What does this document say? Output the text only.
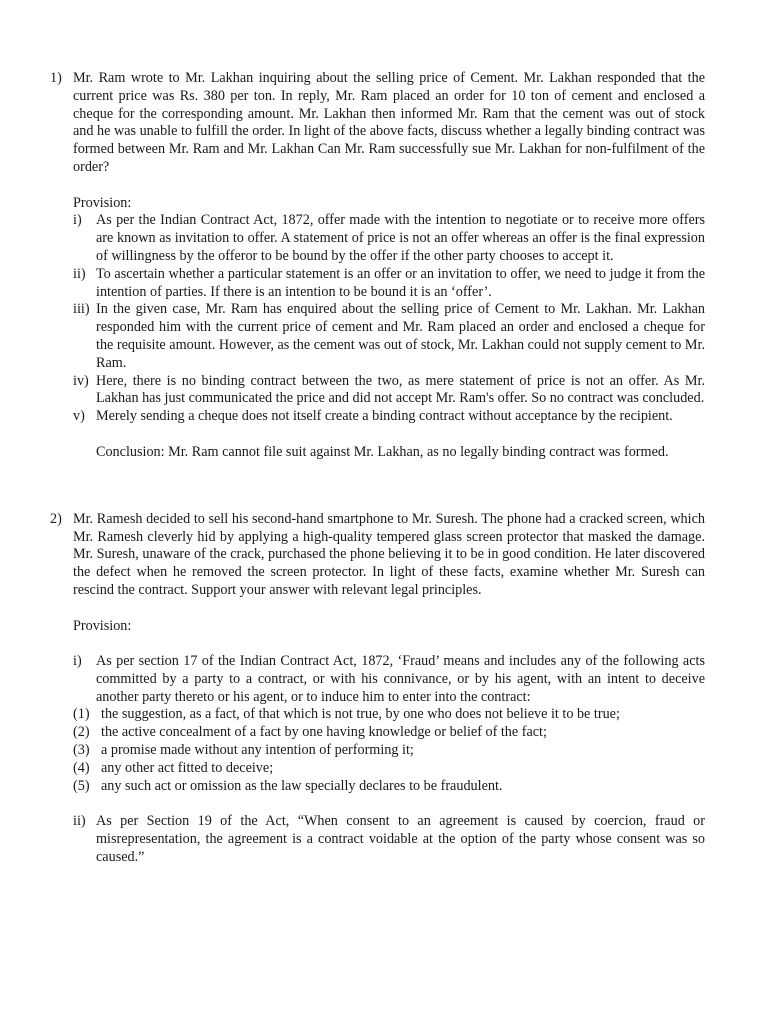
1) Mr. Ram wrote to Mr. Lakhan inquiring about the selling price of Cement. Mr. Lakhan responded that the current price was Rs. 380 per ton. In reply, Mr. Ram placed an order for 10 ton of cement and enclosed a cheque for the corresponding amount. Mr. Lakhan then informed Mr. Ram that the cement was out of stock and he was unable to fulfill the order. In light of the above facts, discuss whether a legally binding contract was formed between Mr. Ram and Mr. Lakhan Can Mr. Ram successfully sue Mr. Lakhan for non-fulfilment of the order?

Provision:

i) As per the Indian Contract Act, 1872, offer made with the intention to negotiate or to receive more offers are known as invitation to offer. A statement of price is not an offer whereas an offer is the final expression of willingness by the offeror to be bound by the offer if the other party chooses to accept it.
ii) To ascertain whether a particular statement is an offer or an invitation to offer, we need to judge it from the intention of parties. If there is an intention to be bound it is an ‘offer’.
iii) In the given case, Mr. Ram has enquired about the selling price of Cement to Mr. Lakhan. Mr. Lakhan responded him with the current price of cement and Mr. Ram placed an order and enclosed a cheque for the requisite amount. However, as the cement was out of stock, Mr. Lakhan could not supply cement to Mr. Ram.
iv) Here, there is no binding contract between the two, as mere statement of price is not an offer. As Mr. Lakhan has just communicated the price and did not accept Mr. Ram's offer. So no contract was concluded.
v) Merely sending a cheque does not itself create a binding contract without acceptance by the recipient.

Conclusion: Mr. Ram cannot file suit against Mr. Lakhan, as no legally binding contract was formed.

2) Mr. Ramesh decided to sell his second-hand smartphone to Mr. Suresh. The phone had a cracked screen, which Mr. Ramesh cleverly hid by applying a high-quality tempered glass screen protector that masked the damage. Mr. Suresh, unaware of the crack, purchased the phone believing it to be in good condition. He later discovered the defect when he removed the screen protector. In light of these facts, examine whether Mr. Suresh can rescind the contract. Support your answer with relevant legal principles.

Provision:

i) As per section 17 of the Indian Contract Act, 1872, ‘Fraud’ means and includes any of the following acts committed by a party to a contract, or with his connivance, or by his agent, with an intent to deceive another party thereto or his agent, or to induce him to enter into the contract:
(1) the suggestion, as a fact, of that which is not true, by one who does not believe it to be true;
(2) the active concealment of a fact by one having knowledge or belief of the fact;
(3) a promise made without any intention of performing it;
(4) any other act fitted to deceive;
(5) any such act or omission as the law specially declares to be fraudulent.
ii) As per Section 19 of the Act, “When consent to an agreement is caused by coercion, fraud or misrepresentation, the agreement is a contract voidable at the option of the party whose consent was so caused.”
